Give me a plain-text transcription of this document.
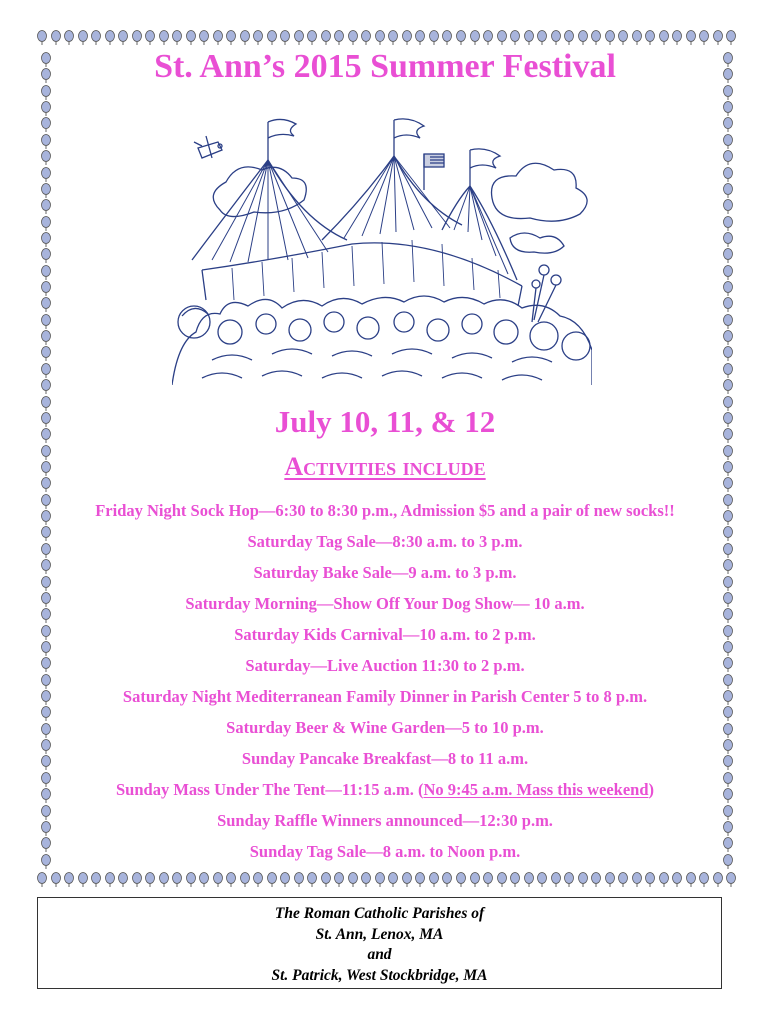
St. Ann’s 2015 Summer Festival
July 10, 11, & 12
Activities include
Friday Night Sock Hop—6:30 to 8:30 p.m., Admission $5 and a pair of new socks!!
Saturday Tag Sale—8:30 a.m. to 3 p.m.
Saturday Bake Sale—9 a.m. to 3 p.m.
Saturday Morning—Show Off Your Dog Show— 10 a.m.
Saturday Kids Carnival—10 a.m. to 2 p.m.
Saturday—Live Auction 11:30 to 2 p.m.
Saturday Night Mediterranean Family Dinner in Parish Center 5 to 8 p.m.
Saturday Beer & Wine Garden—5 to 10 p.m.
Sunday Pancake Breakfast—8 to 11 a.m.
Sunday Mass Under The Tent—11:15 a.m. (No 9:45 a.m. Mass this weekend)
Sunday Raffle Winners announced—12:30 p.m.
Sunday Tag Sale—8 a.m. to Noon p.m.
The Roman Catholic Parishes of
St. Ann, Lenox, MA
and
St. Patrick, West Stockbridge, MA
